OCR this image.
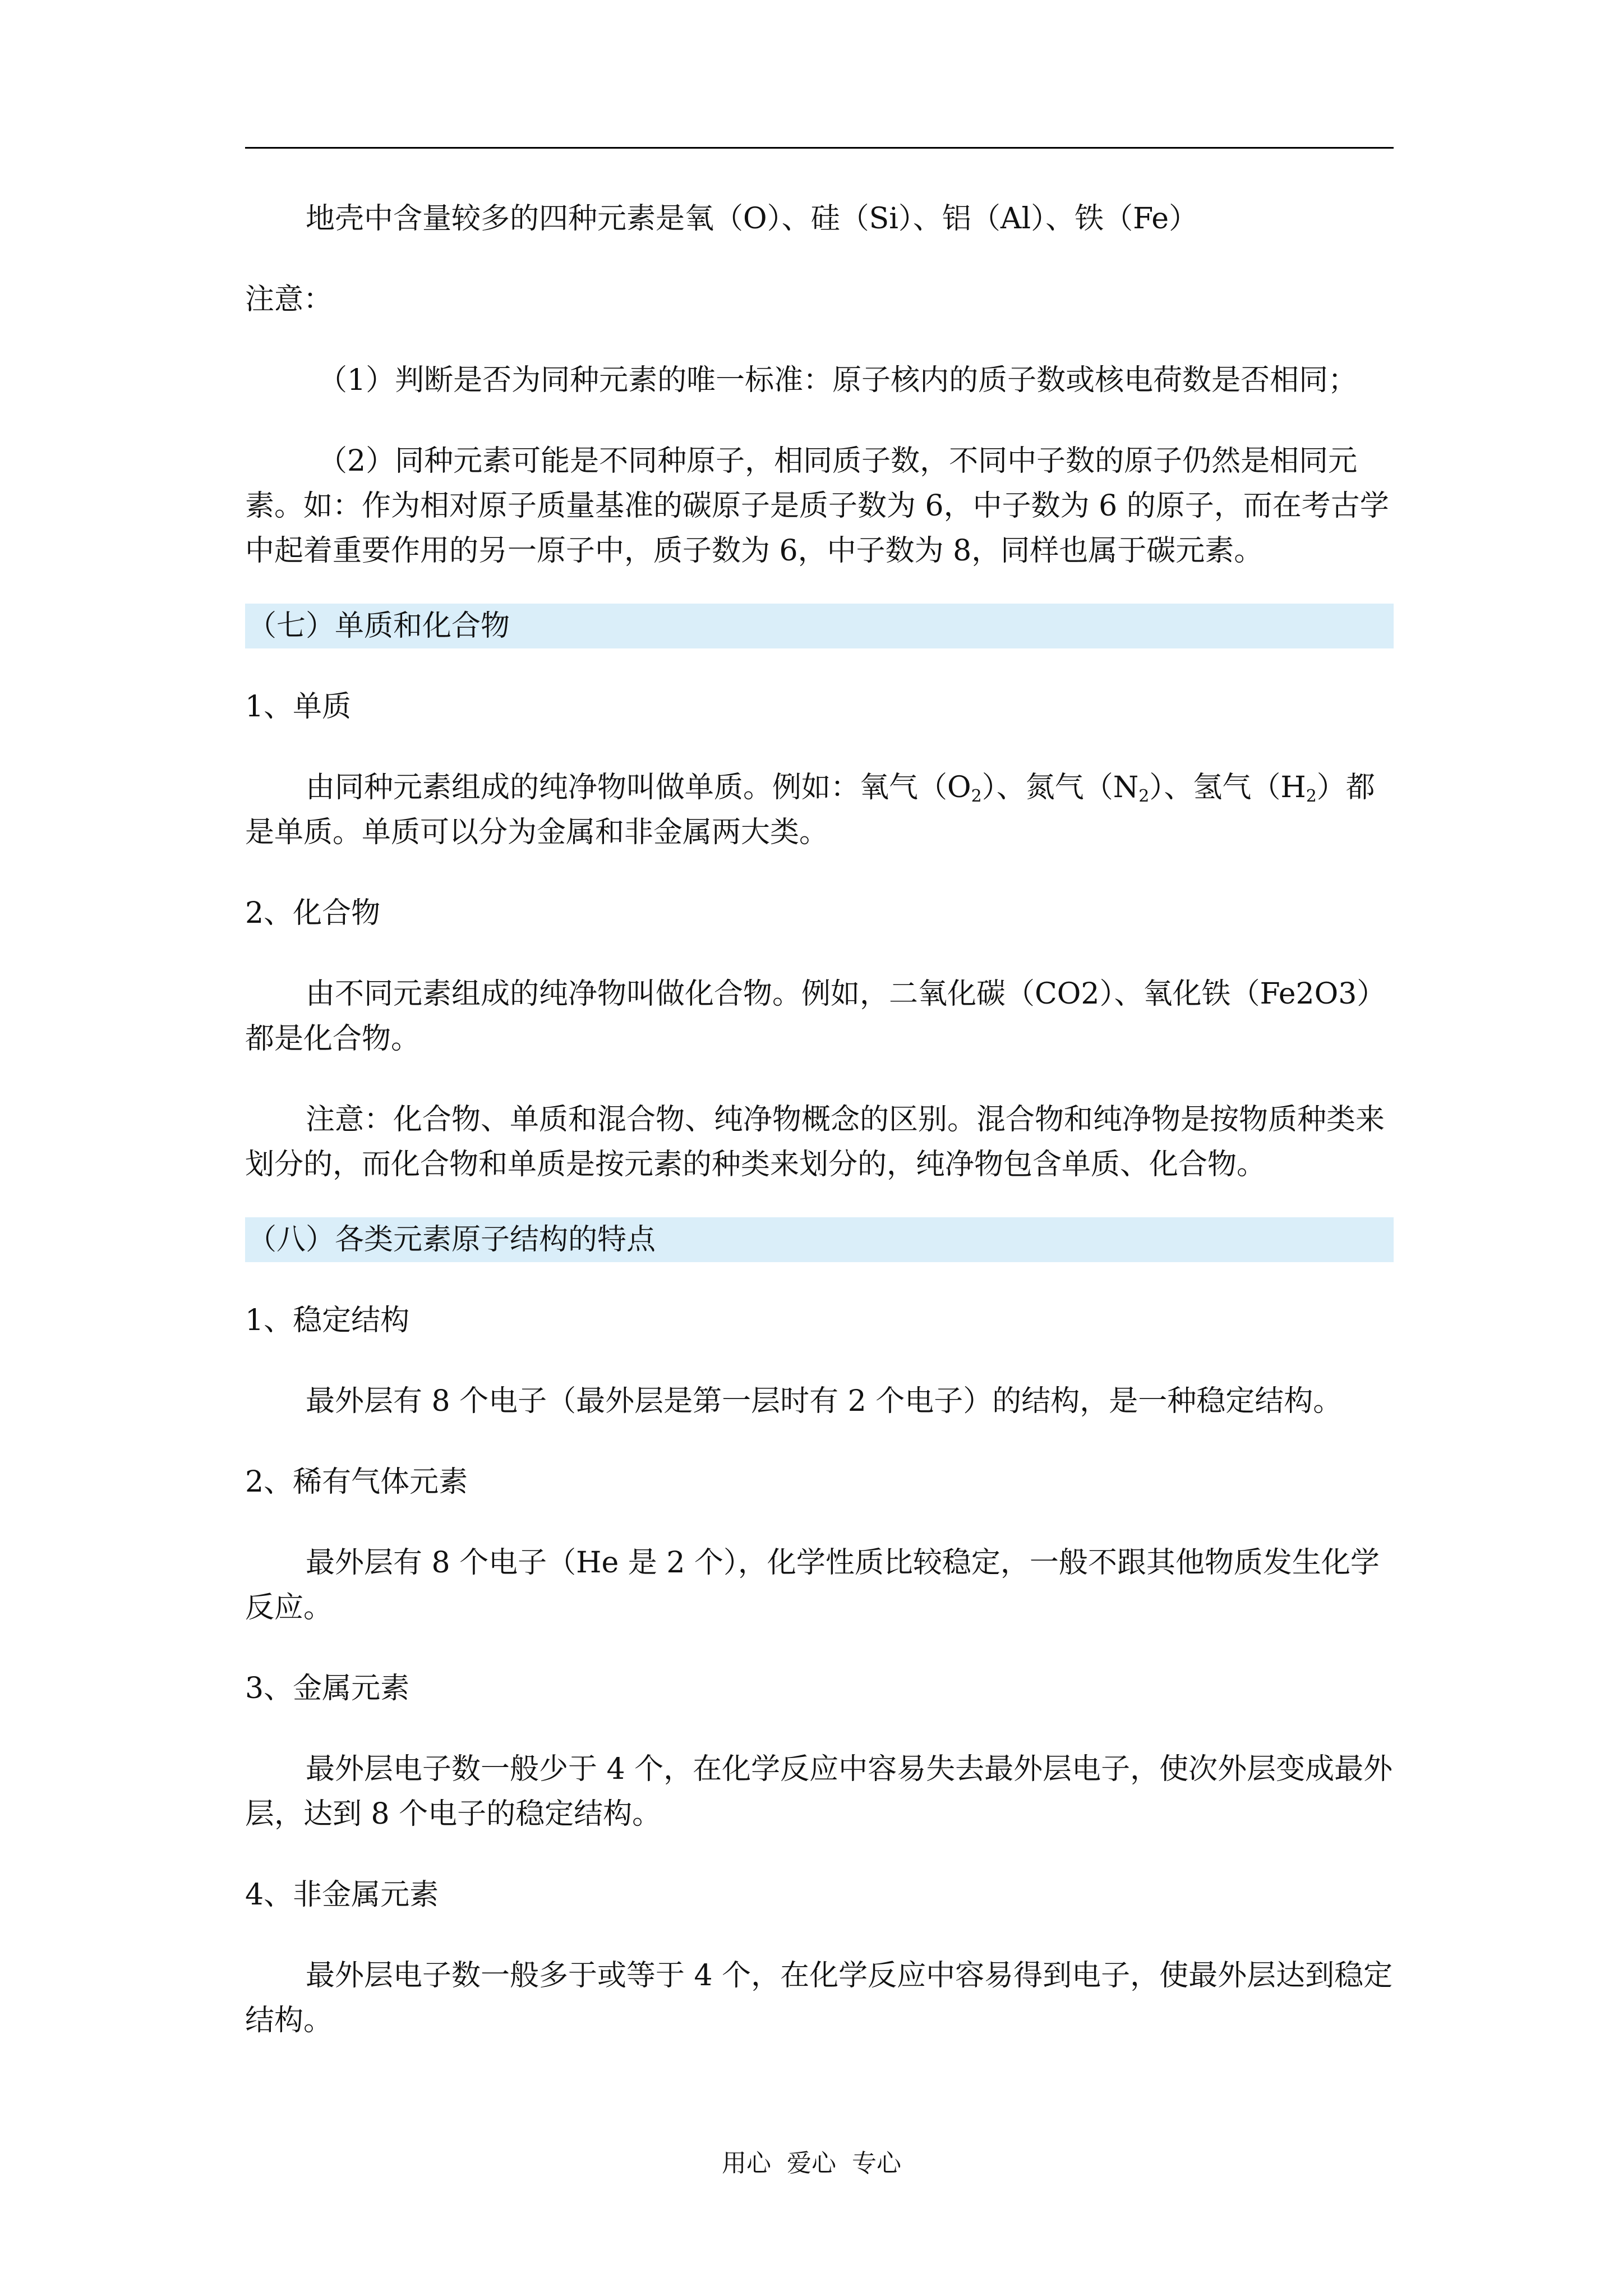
地壳中含量较多的四种元素是氧（O）、硅（Si）、铝（Al）、铁（Fe）

注意：

（1）判断是否为同种元素的唯一标准：原子核内的质子数或核电荷数是否相同；

（2）同种元素可能是不同种原子，相同质子数，不同中子数的原子仍然是相同元素。如：作为相对原子质量基准的碳原子是质子数为 6，中子数为 6 的原子，而在考古学中起着重要作用的另一原子中，质子数为 6，中子数为 8，同样也属于碳元素。

（七）单质和化合物

1、单质

由同种元素组成的纯净物叫做单质。例如：氧气$(O_2)$、氮气$(N_2)$、氢气$(H_2)$都是单质。单质可以分为金属和非金属两大类。

2、化合物

由不同元素组成的纯净物叫做化合物。例如，二氧化碳（CO2）、氧化铁（Fe2O3）都是化合物。

注意：化合物、单质和混合物、纯净物概念的区别。混合物和纯净物是按物质种类来划分的，而化合物和单质是按元素的种类来划分的，纯净物包含单质、化合物。

（八）各类元素原子结构的特点

1、稳定结构

最外层有 8 个电子（最外层是第一层时有 2 个电子）的结构，是一种稳定结构。

2、稀有气体元素

最外层有 8 个电子（He 是 2 个），化学性质比较稳定，一般不跟其他物质发生化学反应。

3、金属元素

最外层电子数一般少于 4 个，在化学反应中容易失去最外层电子，使次外层变成最外层，达到 8 个电子的稳定结构。

4、非金属元素

最外层电子数一般多于或等于 4 个，在化学反应中容易得到电子，使最外层达到稳定结构。

用心  爱心  专心
